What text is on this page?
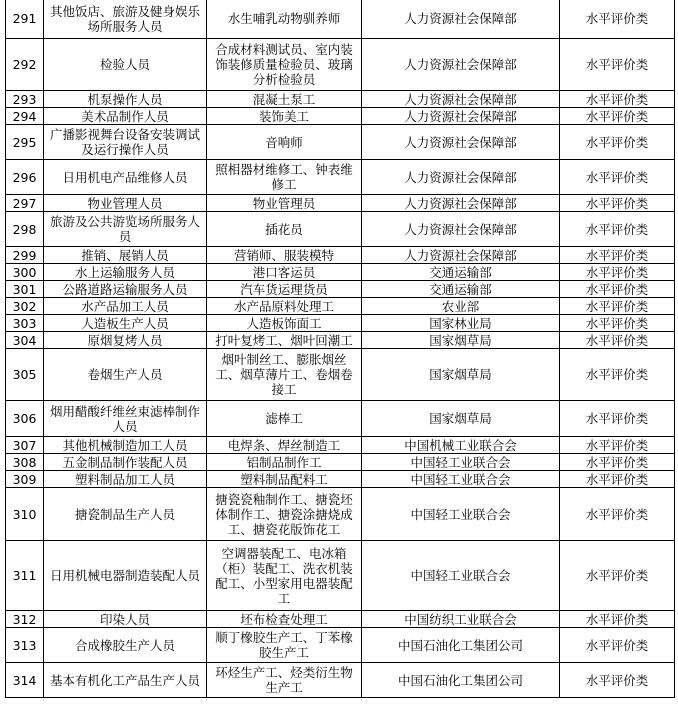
291	其他饭店、旅游及健身娱乐场所服务人员	水生哺乳动物驯养师	人力资源社会保障部	水平评价类
292	检验人员	合成材料测试员、室内装饰装修质量检验员、玻璃分析检验员	人力资源社会保障部	水平评价类
293	机泵操作人员	混凝土泵工	人力资源社会保障部	水平评价类
294	美术品制作人员	装饰美工	人力资源社会保障部	水平评价类
295	广播影视舞台设备安装调试及运行操作人员	音响师	人力资源社会保障部	水平评价类
296	日用机电产品维修人员	照相器材维修工、钟表维修工	人力资源社会保障部	水平评价类
297	物业管理人员	物业管理员	人力资源社会保障部	水平评价类
298	旅游及公共游览场所服务人员	插花员	人力资源社会保障部	水平评价类
299	推销、展销人员	营销师、服装模特	人力资源社会保障部	水平评价类
300	水上运输服务人员	港口客运员	交通运输部	水平评价类
301	公路道路运输服务人员	汽车货运理货员	交通运输部	水平评价类
302	水产品加工人员	水产品原料处理工	农业部	水平评价类
303	人造板生产人员	人造板饰面工	国家林业局	水平评价类
304	原烟复烤人员	打叶复烤工、烟叶回潮工	国家烟草局	水平评价类
305	卷烟生产人员	烟叶制丝工、膨胀烟丝工、烟草薄片工、卷烟卷接工	国家烟草局	水平评价类
306	烟用醋酸纤维丝束滤棒制作人员	滤棒工	国家烟草局	水平评价类
307	其他机械制造加工人员	电焊条、焊丝制造工	中国机械工业联合会	水平评价类
308	五金制品制作装配人员	铝制品制作工	中国轻工业联合会	水平评价类
309	塑料制品加工人员	塑料制品配料工	中国轻工业联合会	水平评价类
310	搪瓷制品生产人员	搪瓷瓷釉制作工、搪瓷坯体制作工、搪瓷涂搪烧成工、搪瓷花版饰花工	中国轻工业联合会	水平评价类
311	日用机械电器制造装配人员	空调器装配工、电冰箱（柜）装配工、洗衣机装配工、小型家用电器装配工	中国轻工业联合会	水平评价类
312	印染人员	坯布检查处理工	中国纺织工业联合会	水平评价类
313	合成橡胶生产人员	顺丁橡胶生产工、丁苯橡胶生产工	中国石油化工集团公司	水平评价类
314	基本有机化工产品生产人员	环烃生产工、烃类衍生物生产工	中国石油化工集团公司	水平评价类
